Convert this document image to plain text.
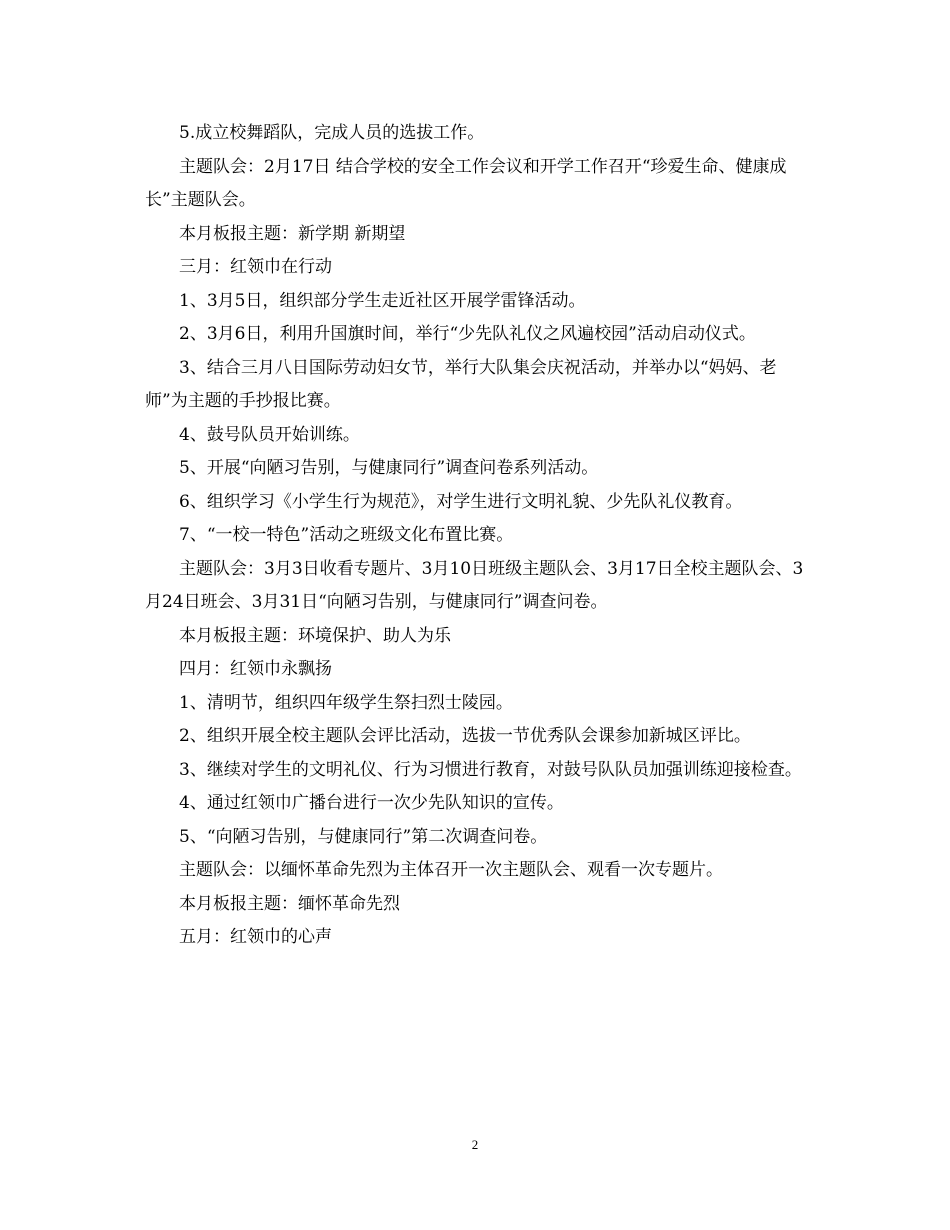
5.成立校舞蹈队，完成人员的选拔工作。

主题队会：2月17日 结合学校的安全工作会议和开学工作召开“珍爱生命、健康成长”主题队会。

本月板报主题：新学期 新期望

三月：红领巾在行动

1、3月5日，组织部分学生走近社区开展学雷锋活动。

2、3月6日，利用升国旗时间，举行“少先队礼仪之风遍校园”活动启动仪式。

3、结合三月八日国际劳动妇女节，举行大队集会庆祝活动，并举办以“妈妈、老师”为主题的手抄报比赛。

4、鼓号队员开始训练。

5、开展“向陋习告别，与健康同行”调查问卷系列活动。

6、组织学习《小学生行为规范》，对学生进行文明礼貌、少先队礼仪教育。

7、“一校一特色”活动之班级文化布置比赛。

主题队会：3月3日收看专题片、3月10日班级主题队会、3月17日全校主题队会、3月24日班会、3月31日“向陋习告别，与健康同行”调查问卷。

本月板报主题：环境保护、助人为乐

四月：红领巾永飘扬

1、清明节，组织四年级学生祭扫烈士陵园。

2、组织开展全校主题队会评比活动，选拔一节优秀队会课参加新城区评比。

3、继续对学生的文明礼仪、行为习惯进行教育，对鼓号队队员加强训练迎接检查。

4、通过红领巾广播台进行一次少先队知识的宣传。

5、“向陋习告别，与健康同行”第二次调查问卷。

主题队会：以缅怀革命先烈为主体召开一次主题队会、观看一次专题片。

本月板报主题：缅怀革命先烈

五月：红领巾的心声

2
